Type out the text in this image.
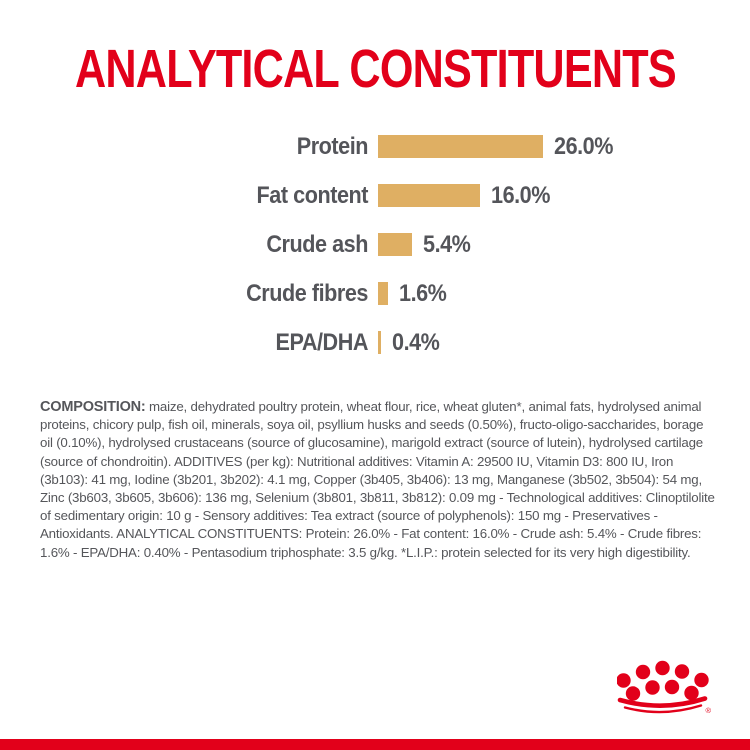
ANALYTICAL CONSTITUENTS
Protein	26.0%
Fat content	16.0%
Crude ash 5.4%
Crude fibres 1.6%
EPA/DHA 0.4%

COMPOSITION: maize, dehydrated poultry protein, wheat flour, rice, wheat gluten*, animal fats, hydrolysed animal proteins, chicory pulp, fish oil, minerals, soya oil, psyllium husks and seeds (0.50%), fructo-oligo-saccharides, borage oil (0.10%), hydrolysed crustaceans (source of glucosamine), marigold extract (source of lutein), hydrolysed cartilage (source of chondroitin). ADDITIVES (per kg): Nutritional additives: Vitamin A: 29500 IU, Vitamin D3: 800 IU, Iron (3b103): 41 mg, Iodine (3b201, 3b202): 4.1 mg, Copper (3b405, 3b406): 13 mg, Manganese (3b502, 3b504): 54 mg, Zinc (3b603, 3b605, 3b606): 136 mg, Selenium (3b801, 3b811, 3b812): 0.09 mg - Technological additives: Clinoptilolite of sedimentary origin: 10 g - Sensory additives: Tea extract (source of polyphenols): 150 mg - Preservatives - Antioxidants. ANALYTICAL CONSTITUENTS: Protein: 26.0% - Fat content: 16.0% - Crude ash: 5.4% - Crude fibres: 1.6% - EPA/DHA: 0.40% - Pentasodium triphosphate: 3.5 g/kg. *L.I.P.: protein selected for its very high digestibility.

®
